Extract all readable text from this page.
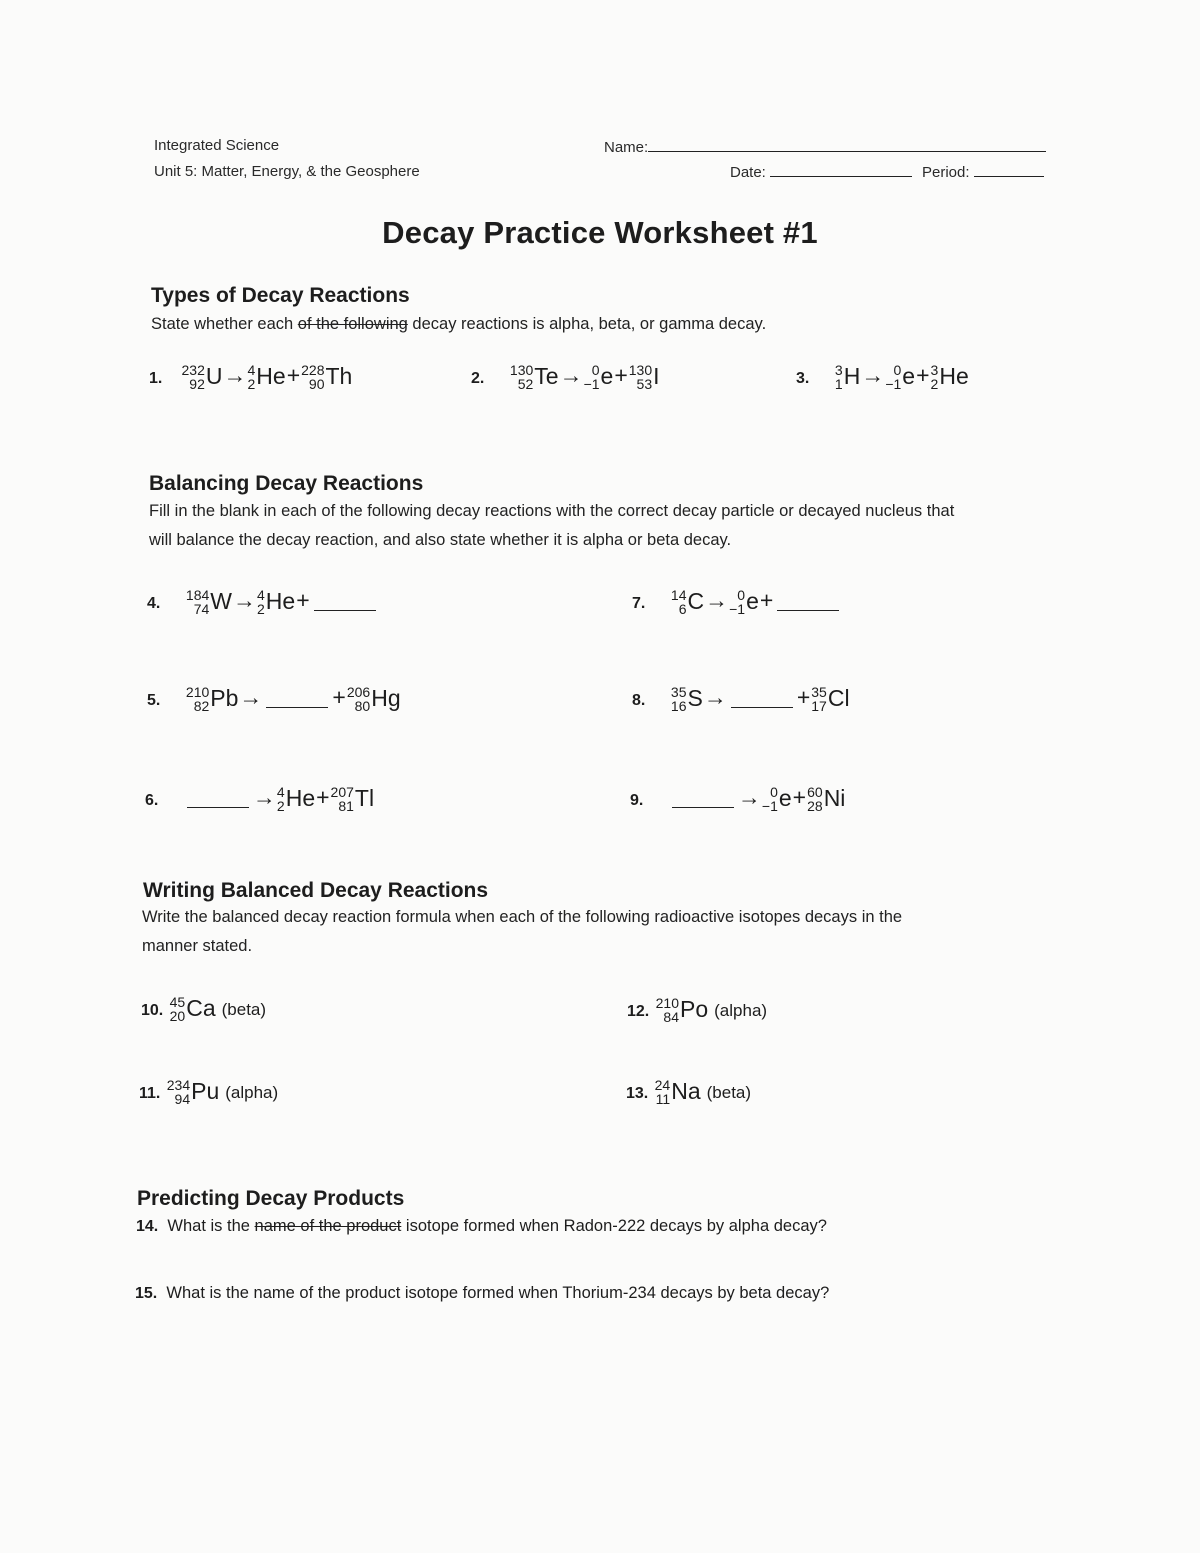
Integrated Science
Unit 5: Matter, Energy, & the Geosphere
Name:
Date:	Period:
Decay Practice Worksheet #1
Types of Decay Reactions
State whether each of the following decay reactions is alpha, beta, or gamma decay.
1.
232
92 U → 4
2 He + 228
90 Th	2.
130
52 Te → 0
−1 e + 130
53 I	3.
3
1 H → 0
−1 e + 3
2 He
Balancing Decay Reactions
Fill in the blank in each of the following decay reactions with the correct decay particle or decayed nucleus that
will balance the decay reaction, and also state whether it is alpha or beta decay.
4.
184
74 W → 4
2 He +
5.
210
82 Pb →	+ 206
80 Hg
6.	→ 4
2 He + 207
81 Tl
7.
14
6 C → 0
−1 e +
8.
35
16 S →	+ 35
17 Cl
9.	→ 0
−1 e + 60
28 Ni
Writing Balanced Decay Reactions
Write the balanced decay reaction formula when each of the following radioactive isotopes decays in the
manner stated.
10.
45
20 Ca (beta)
11.
234
94 Pu (alpha)
12.
210
84 Po (alpha)
13.
24
11 Na (beta)
Predicting Decay Products
14. What is the name of the product isotope formed when Radon-222 decays by alpha decay?
15. What is the name of the product isotope formed when Thorium-234 decays by beta decay?
